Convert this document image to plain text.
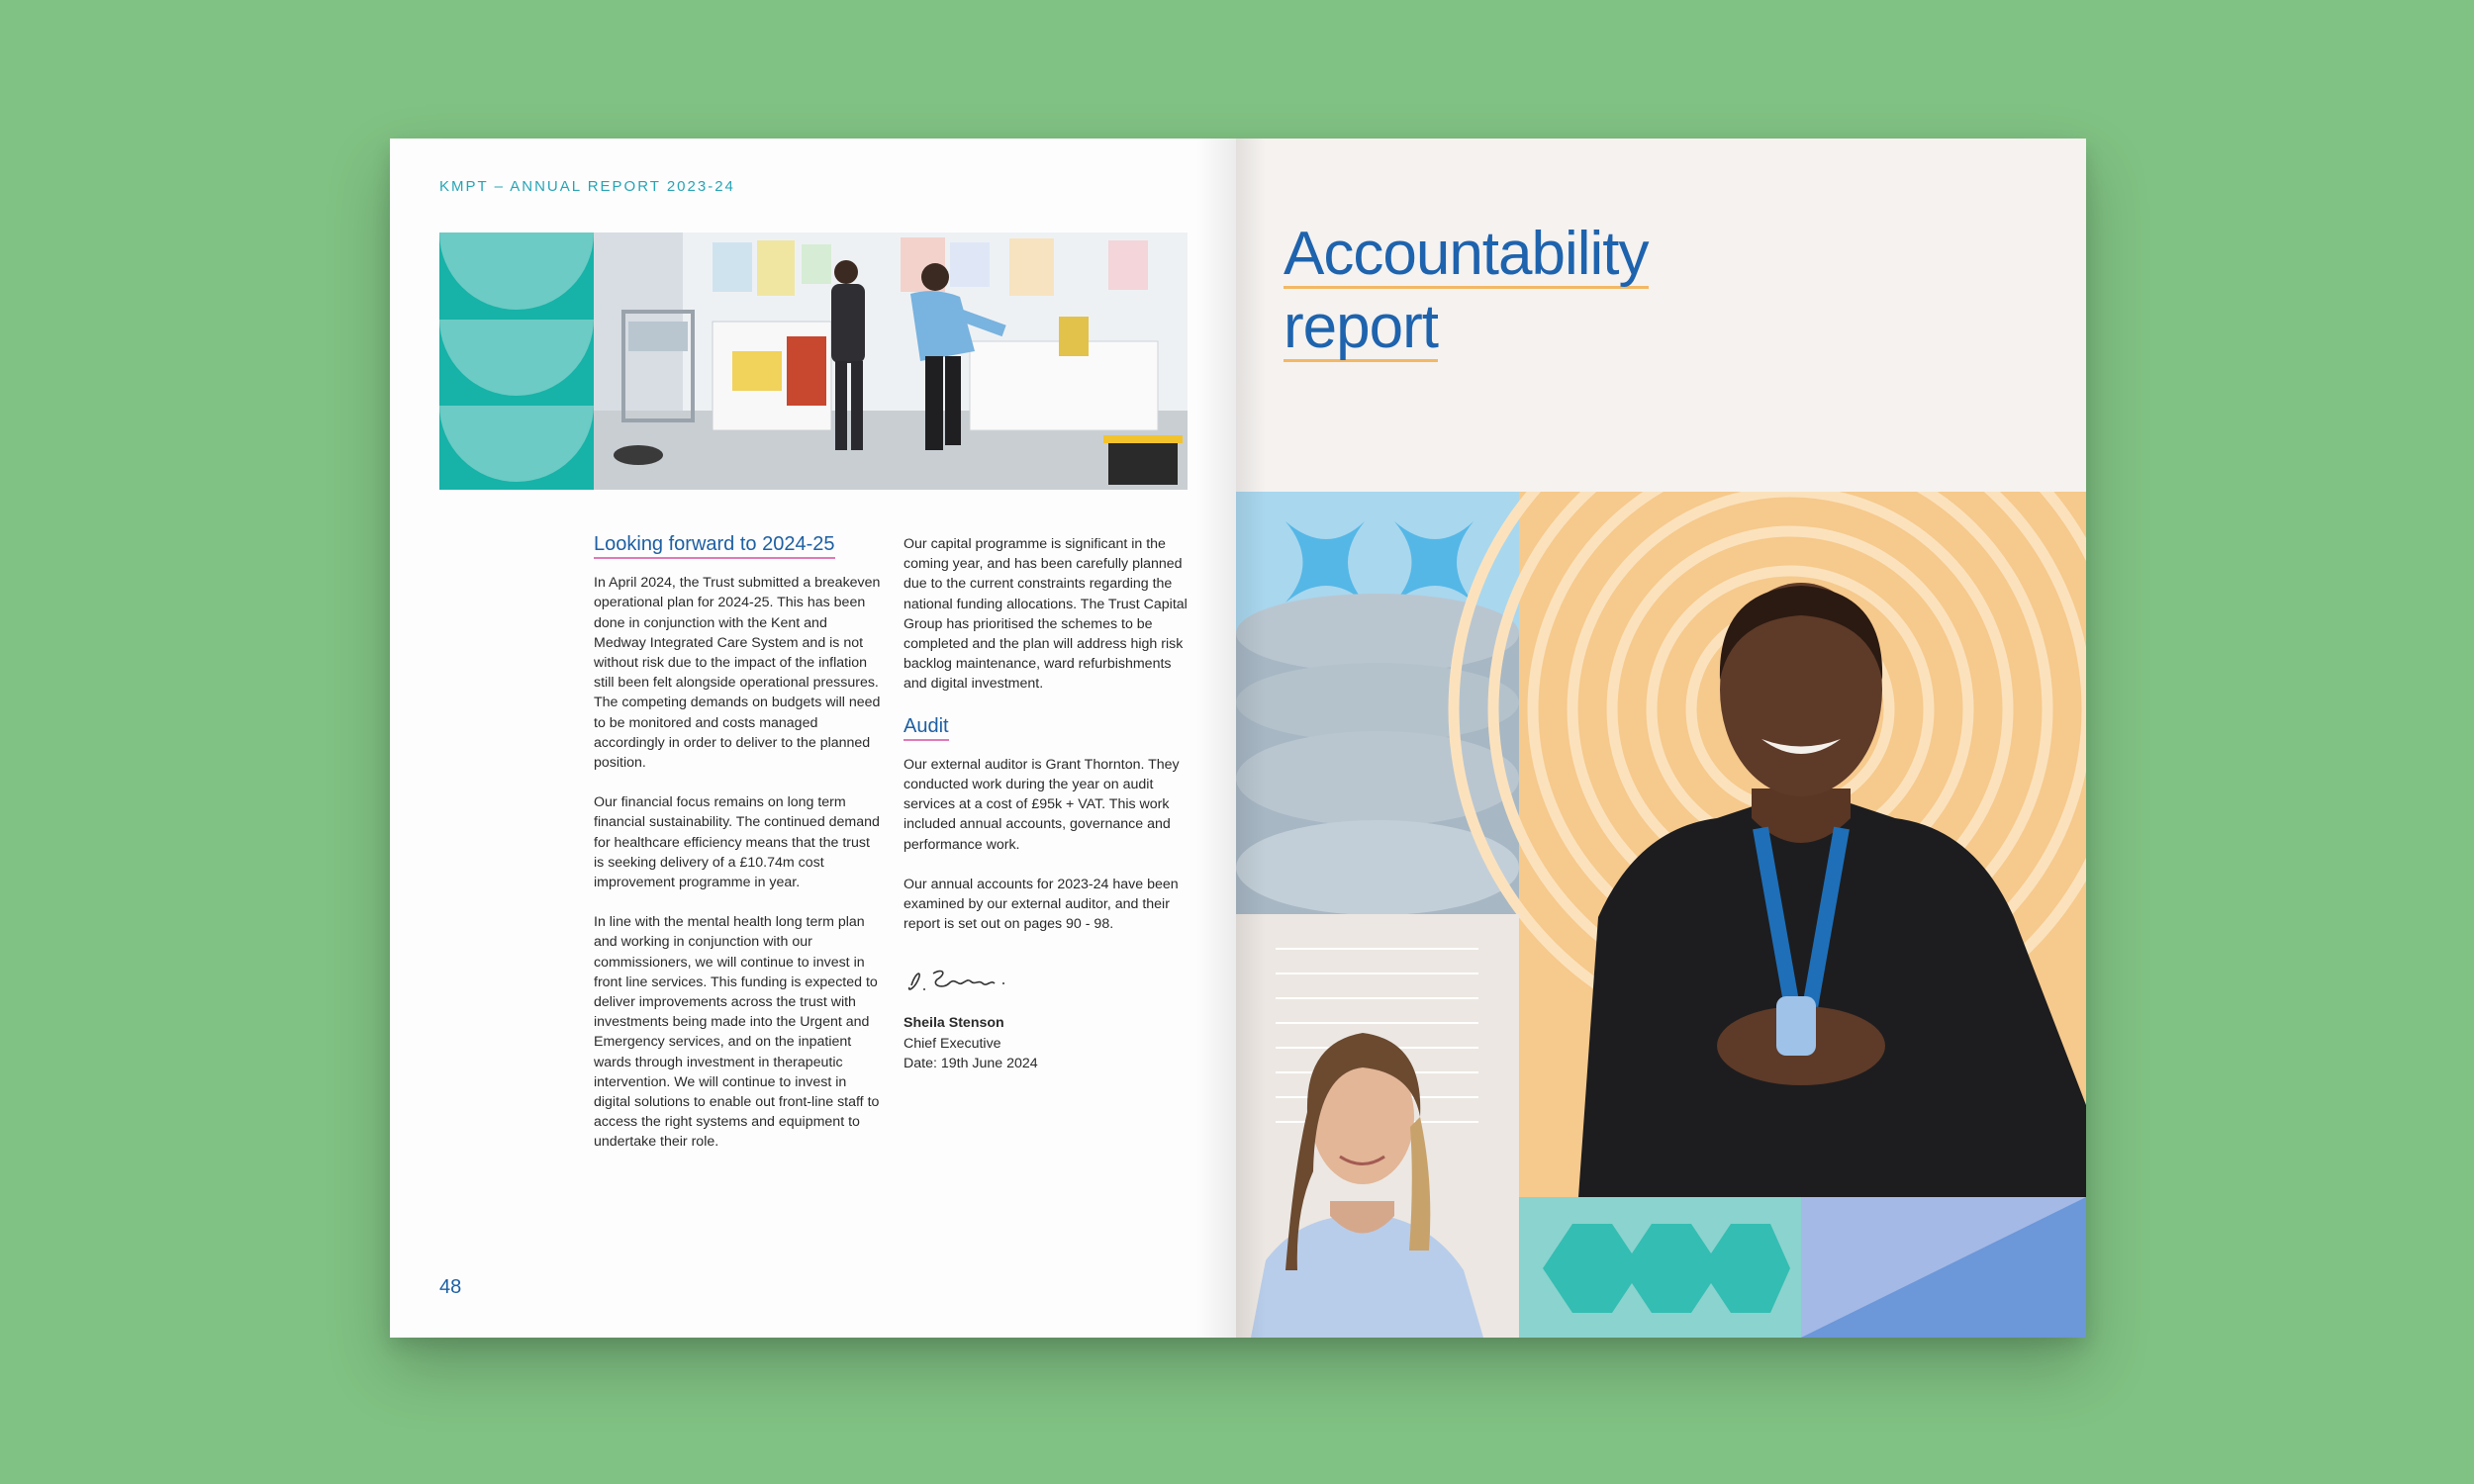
KMPT – ANNUAL REPORT 2023-24
Looking forward to 2024-25

In April 2024, the Trust submitted a breakeven operational plan for 2024-25. This has been done in conjunction with the Kent and Medway Integrated Care System and is not without risk due to the impact of the inflation still been felt alongside operational pressures. The competing demands on budgets will need to be monitored and costs managed accordingly in order to deliver to the planned position.

Our financial focus remains on long term financial sustainability. The continued demand for healthcare efficiency means that the trust is seeking delivery of a £10.74m cost improvement programme in year.

In line with the mental health long term plan and working in conjunction with our commissioners, we will continue to invest in front line services. This funding is expected to deliver improvements across the trust with investments being made into the Urgent and Emergency services, and on the inpatient wards through investment in therapeutic intervention. We will continue to invest in digital solutions to enable out front-line staff to access the right systems and equipment to undertake their role.

Our capital programme is significant in the coming year, and has been carefully planned due to the current constraints regarding the national funding allocations. The Trust Capital Group has prioritised the schemes to be completed and the plan will address high risk backlog maintenance, ward refurbishments and digital investment.

Audit

Our external auditor is Grant Thornton. They conducted work during the year on audit services at a cost of £95k + VAT. This work included annual accounts, governance and performance work.

Our annual accounts for 2023-24 have been examined by our external auditor, and their report is set out on pages 90 - 98.

Sheila Stenson
Chief Executive
Date: 19th June 2024
48
Accountability
report
